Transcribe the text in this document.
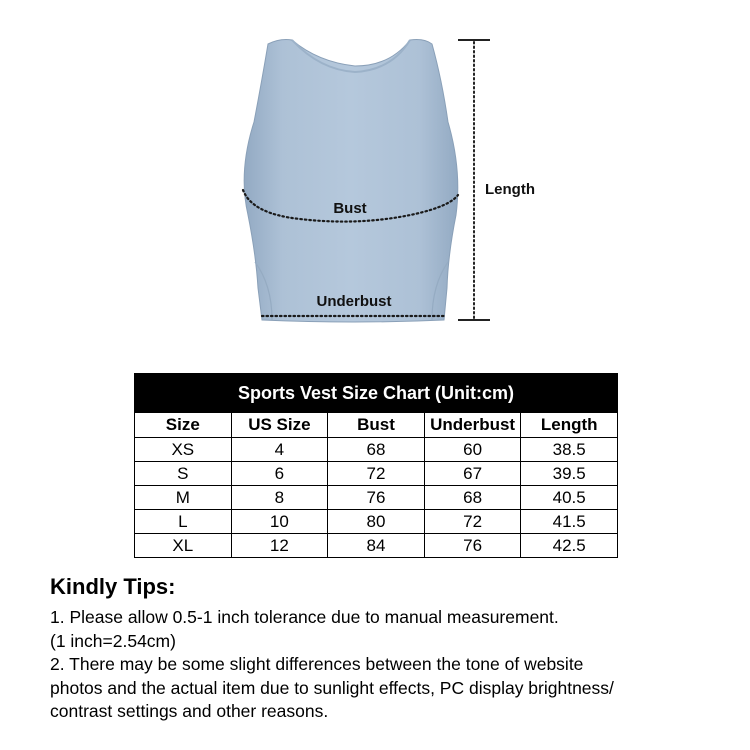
Bust
Underbust
Length
Sports Vest Size Chart (Unit:cm)				
Size	US Size	Bust	Underbust	Length
XS	4	68	60	38.5
S	6	72	67	39.5
M	8	76	68	40.5
L	10	80	72	41.5
XL	12	84	76	42.5
Kindly Tips:

1. Please allow 0.5-1 inch tolerance due to manual measurement.

(1 inch=2.54cm)

2. There may be some slight differences between the tone of website

photos and the actual item due to sunlight effects, PC display brightness/

contrast settings and other reasons.
